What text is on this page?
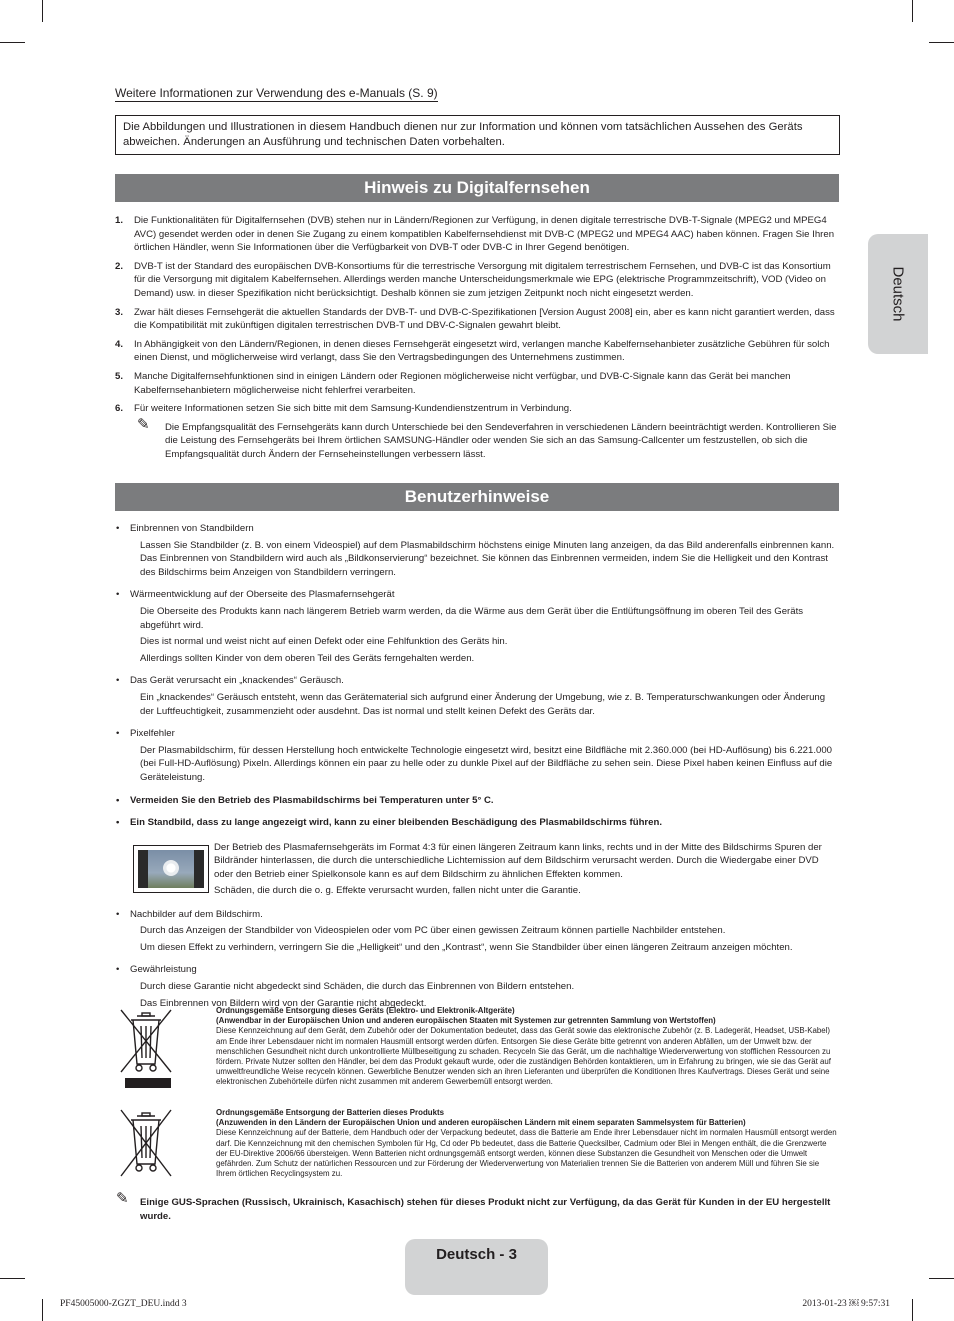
Weitere Informationen zur Verwendung des e-Manuals (S. 9)
Die Abbildungen und Illustrationen in diesem Handbuch dienen nur zur Information und können vom tatsächlichen Aussehen des Geräts abweichen. Änderungen an Ausführung und technischen Daten vorbehalten.
Hinweis zu Digitalfernsehen
Deutsch
1. Die Funktionalitäten für Digitalfernsehen (DVB) stehen nur in Ländern/Regionen zur Verfügung, in denen digitale terrestrische DVB-T-Signale (MPEG2 und MPEG4 AVC) gesendet werden oder in denen Sie Zugang zu einem kompatiblen Kabelfernsehdienst mit DVB-C (MPEG2 und MPEG4 AAC) haben können. Fragen Sie Ihren örtlichen Händler, wenn Sie Informationen über die Verfügbarkeit von DVB-T oder DVB-C in Ihrer Gegend benötigen.
2. DVB-T ist der Standard des europäischen DVB-Konsortiums für die terrestrische Versorgung mit digitalem terrestrischem Fernsehen, und DVB-C ist das Konsortium für die Versorgung mit digitalem Kabelfernsehen. Allerdings werden manche Unterscheidungsmerkmale wie EPG (elektrische Programmzeitschrift), VOD (Video on Demand) usw. in dieser Spezifikation nicht berücksichtigt. Deshalb können sie zum jetzigen Zeitpunkt noch nicht eingesetzt werden.
3. Zwar hält dieses Fernsehgerät die aktuellen Standards der DVB-T- und DVB-C-Spezifikationen [Version August 2008] ein, aber es kann nicht garantiert werden, dass die Kompatibilität mit zukünftigen digitalen terrestrischen DVB-T und DBV-C-Signalen gewahrt bleibt.
4. In Abhängigkeit von den Ländern/Regionen, in denen dieses Fernsehgerät eingesetzt wird, verlangen manche Kabelfernsehanbieter zusätzliche Gebühren für solch einen Dienst, und möglicherweise wird verlangt, dass Sie den Vertragsbedingungen des Unternehmens zustimmen.
5. Manche Digitalfernsehfunktionen sind in einigen Ländern oder Regionen möglicherweise nicht verfügbar, und DVB-C-Signale kann das Gerät bei manchen Kabelfernsehanbietern möglicherweise nicht fehlerfrei verarbeiten.
6. Für weitere Informationen setzen Sie sich bitte mit dem Samsung-Kundendienstzentrum in Verbindung.
✎ Die Empfangsqualität des Fernsehgeräts kann durch Unterschiede bei den Sendeverfahren in verschiedenen Ländern beeinträchtigt werden. Kontrollieren Sie die Leistung des Fernsehgeräts bei Ihrem örtlichen SAMSUNG-Händler oder wenden Sie sich an das Samsung-Callcenter um festzustellen, ob sich die Empfangsqualität durch Ändern der Fernseheinstellungen verbessern lässt.
Benutzerhinweise
• Einbrennen von Standbildern
Lassen Sie Standbilder (z. B. von einem Videospiel) auf dem Plasmabildschirm höchstens einige Minuten lang anzeigen, da das Bild anderenfalls einbrennen kann. Das Einbrennen von Standbildern wird auch als „Bildkonservierung“ bezeichnet. Sie können das Einbrennen vermeiden, indem Sie die Helligkeit und den Kontrast des Bildschirms beim Anzeigen von Standbildern verringern.
• Wärmeentwicklung auf der Oberseite des Plasmafernsehgerät
Die Oberseite des Produkts kann nach längerem Betrieb warm werden, da die Wärme aus dem Gerät über die Entlüftungsöffnung im oberen Teil des Geräts abgeführt wird.
Dies ist normal und weist nicht auf einen Defekt oder eine Fehlfunktion des Geräts hin.
Allerdings sollten Kinder von dem oberen Teil des Geräts ferngehalten werden.
• Das Gerät verursacht ein „knackendes“ Geräusch.
Ein „knackendes“ Geräusch entsteht, wenn das Gerätematerial sich aufgrund einer Änderung der Umgebung, wie z. B. Temperaturschwankungen oder Änderung der Luftfeuchtigkeit, zusammenzieht oder ausdehnt. Das ist normal und stellt keinen Defekt des Geräts dar.
• Pixelfehler
Der Plasmabildschirm, für dessen Herstellung hoch entwickelte Technologie eingesetzt wird, besitzt eine Bildfläche mit 2.360.000 (bei HD-Auflösung) bis 6.221.000 (bei Full-HD-Auflösung) Pixeln. Allerdings können ein paar zu helle oder zu dunkle Pixel auf der Bildfläche zu sehen sein. Diese Pixel haben keinen Einfluss auf die Geräteleistung.
• Vermeiden Sie den Betrieb des Plasmabildschirms bei Temperaturen unter 5° C.
• Ein Standbild, dass zu lange angezeigt wird, kann zu einer bleibenden Beschädigung des Plasmabildschirms führen.
Der Betrieb des Plasmafernsehgeräts im Format 4:3 für einen längeren Zeitraum kann links, rechts und in der Mitte des Bildschirms Spuren der Bildränder hinterlassen, die durch die unterschiedliche Lichtemission auf dem Bildschirm verursacht werden. Durch die Wiedergabe einer DVD oder den Betrieb einer Spielkonsole kann es auf dem Bildschirm zu ähnlichen Effekten kommen.
Schäden, die durch die o. g. Effekte verursacht wurden, fallen nicht unter die Garantie.
• Nachbilder auf dem Bildschirm.
Durch das Anzeigen der Standbilder von Videospielen oder vom PC über einen gewissen Zeitraum können partielle Nachbilder entstehen.
Um diesen Effekt zu verhindern, verringern Sie die „Helligkeit“ und den „Kontrast“, wenn Sie Standbilder über einen längeren Zeitraum anzeigen möchten.
• Gewährleistung
Durch diese Garantie nicht abgedeckt sind Schäden, die durch das Einbrennen von Bildern entstehen.
Das Einbrennen von Bildern wird von der Garantie nicht abgedeckt.
Ordnungsgemäße Entsorgung dieses Geräts (Elektro- und Elektronik-Altgeräte)
(Anwendbar in der Europäischen Union und anderen europäischen Staaten mit Systemen zur getrennten Sammlung von Wertstoffen)
Diese Kennzeichnung auf dem Gerät, dem Zubehör oder der Dokumentation bedeutet, dass das Gerät sowie das elektronische Zubehör (z. B. Ladegerät, Headset, USB-Kabel) am Ende ihrer Lebensdauer nicht im normalen Hausmüll entsorgt werden dürfen. Entsorgen Sie diese Geräte bitte getrennt von anderen Abfällen, um der Umwelt bzw. der menschlichen Gesundheit nicht durch unkontrollierte Müllbeseitigung zu schaden. Recyceln Sie das Gerät, um die nachhaltige Wiederverwertung von stofflichen Ressourcen zu fördern. Private Nutzer sollten den Händler, bei dem das Produkt gekauft wurde, oder die zuständigen Behörden kontaktieren, um in Erfahrung zu bringen, wie sie das Gerät auf umweltfreundliche Weise recyceln können. Gewerbliche Benutzer wenden sich an ihren Lieferanten und überprüfen die Konditionen Ihres Kaufvertrags. Dieses Gerät und seine elektronischen Zubehörteile dürfen nicht zusammen mit anderem Gewerbemüll entsorgt werden.
Ordnungsgemäße Entsorgung der Batterien dieses Produkts
(Anzuwenden in den Ländern der Europäischen Union und anderen europäischen Ländern mit einem separaten Sammelsystem für Batterien)
Diese Kennzeichnung auf der Batterie, dem Handbuch oder der Verpackung bedeutet, dass die Batterie am Ende ihrer Lebensdauer nicht im normalen Hausmüll entsorgt werden darf. Die Kennzeichnung mit den chemischen Symbolen für Hg, Cd oder Pb bedeutet, dass die Batterie Quecksilber, Cadmium oder Blei in Mengen enthält, die die Grenzwerte der EU-Direktive 2006/66 übersteigen. Wenn Batterien nicht ordnungsgemäß entsorgt werden, können diese Substanzen die Gesundheit von Menschen oder die Umwelt gefährden. Zum Schutz der natürlichen Ressourcen und zur Förderung der Wiederverwertung von Materialien trennen Sie die Batterien von anderem Müll und führen Sie sie Ihrem örtlichen Recyclingsystem zu.
✎ Einige GUS-Sprachen (Russisch, Ukrainisch, Kasachisch) stehen für dieses Produkt nicht zur Verfügung, da das Gerät für Kunden in der EU hergestellt wurde.
Deutsch - 3
PF45005000-ZGZT_DEU.indd 3	2013-01-23 ￼ 9:57:31
